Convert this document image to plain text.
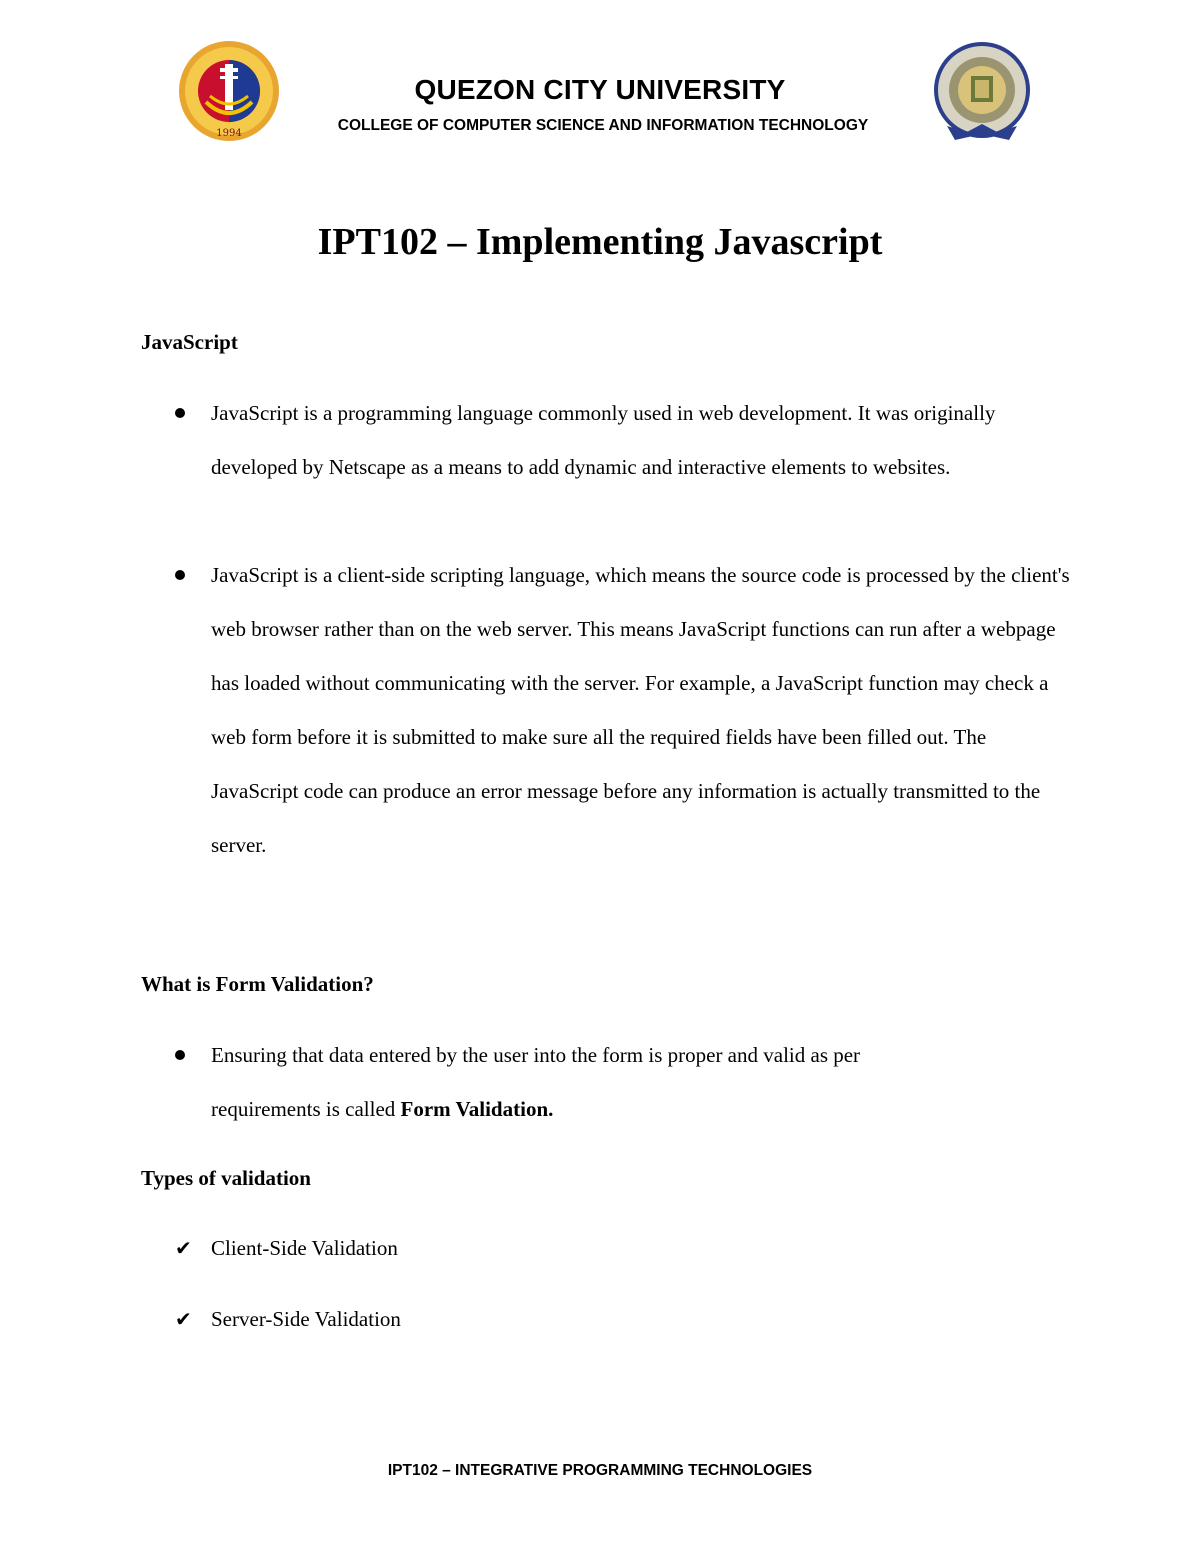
1994
QUEZON CITY UNIVERSITY
COLLEGE OF COMPUTER SCIENCE AND INFORMATION TECHNOLOGY
IPT102 – Implementing Javascript
JavaScript
JavaScript is a programming language commonly used in web development. It was originally developed by Netscape as a means to add dynamic and interactive elements to websites.
JavaScript is a client-side scripting language, which means the source code is processed by the client's web browser rather than on the web server. This means JavaScript functions can run after a webpage has loaded without communicating with the server. For example, a JavaScript function may check a web form before it is submitted to make sure all the required fields have been filled out. The JavaScript code can produce an error message before any information is actually transmitted to the server.
What is Form Validation?
Ensuring that data entered by the user into the form is proper and valid as per requirements is called Form Validation.
Types of validation
✔ Client-Side Validation
✔ Server-Side Validation
IPT102 – INTEGRATIVE PROGRAMMING TECHNOLOGIES
